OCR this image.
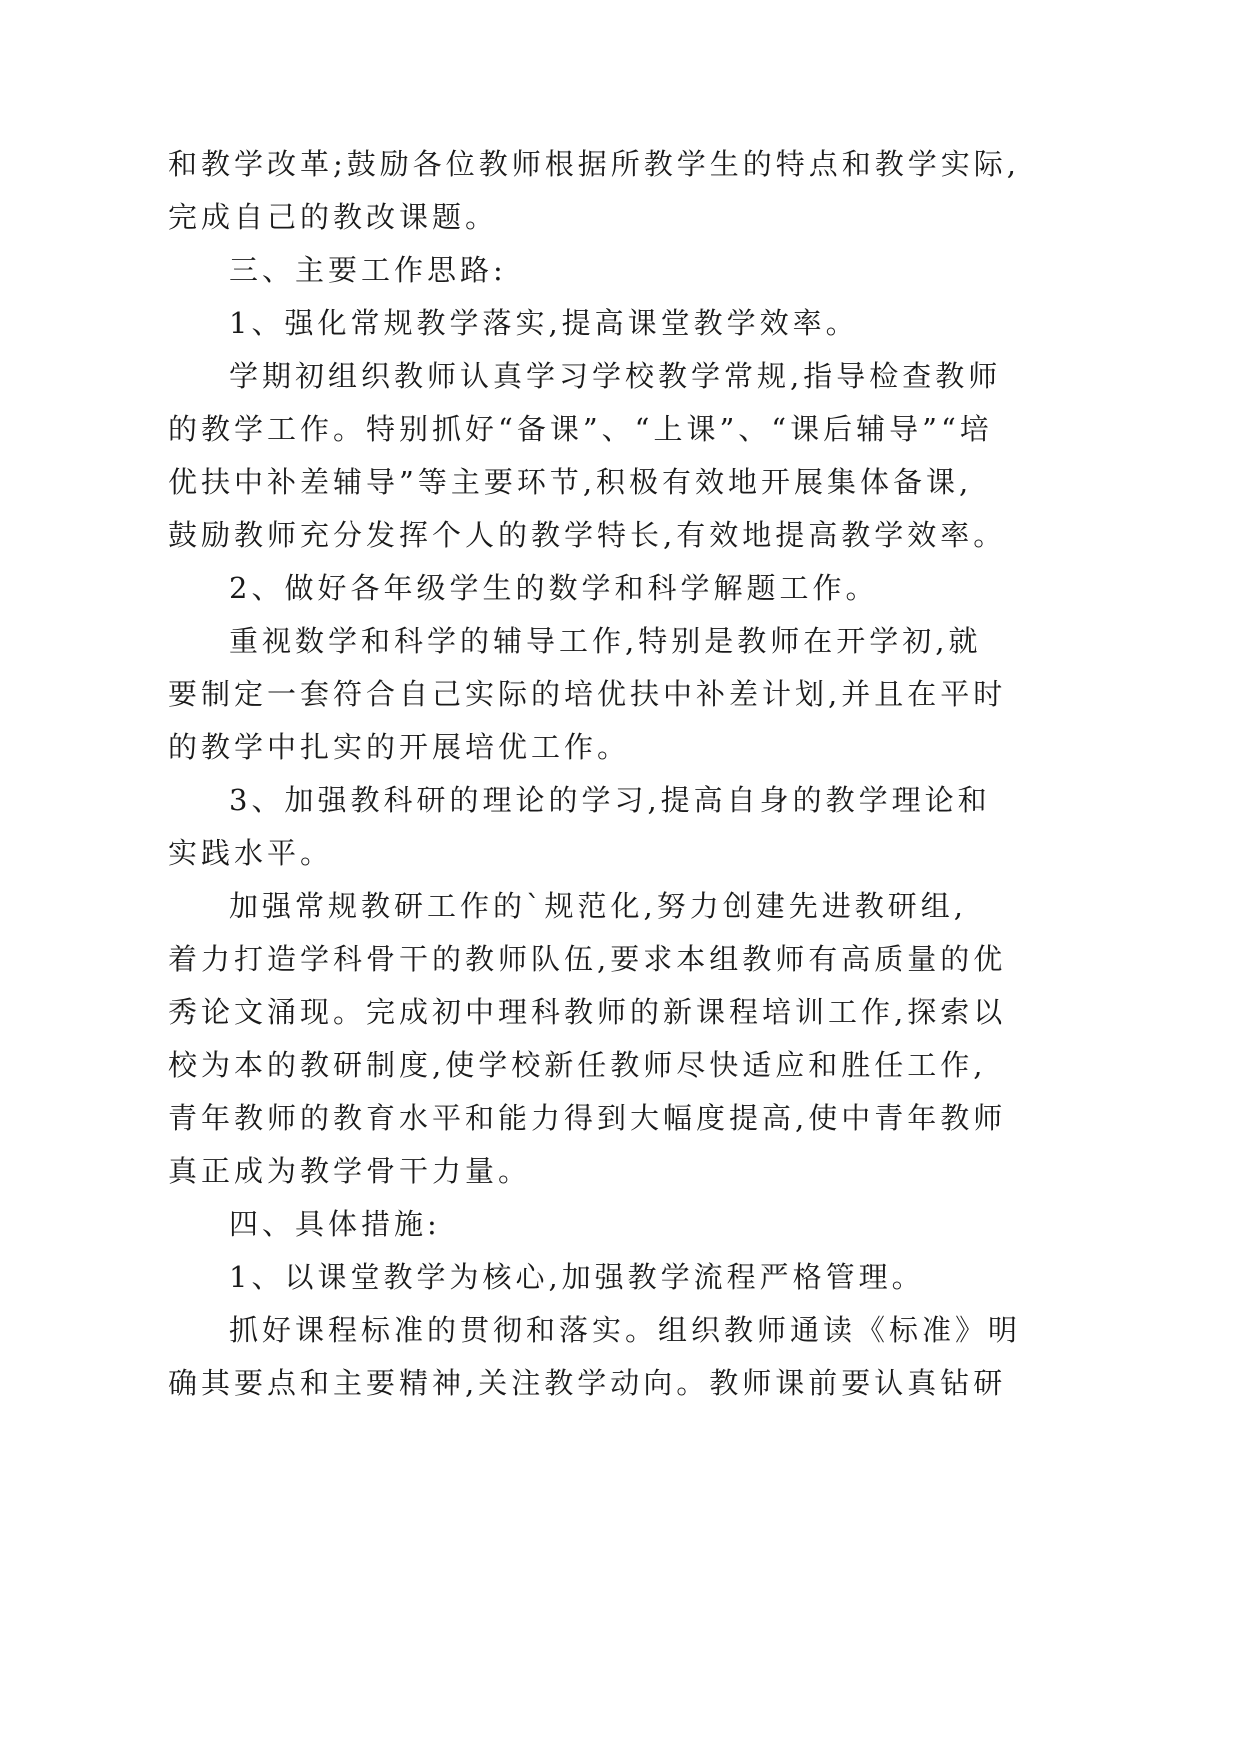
和教学改革;鼓励各位教师根据所教学生的特点和教学实际,
完成自己的教改课题。
三、主要工作思路:
1、强化常规教学落实,提高课堂教学效率。
学期初组织教师认真学习学校教学常规,指导检查教师
的教学工作。特别抓好“备课”、“上课”、“课后辅导”“培
优扶中补差辅导”等主要环节,积极有效地开展集体备课,
鼓励教师充分发挥个人的教学特长,有效地提高教学效率。
2、做好各年级学生的数学和科学解题工作。
重视数学和科学的辅导工作,特别是教师在开学初,就
要制定一套符合自己实际的培优扶中补差计划,并且在平时
的教学中扎实的开展培优工作。
3、加强教科研的理论的学习,提高自身的教学理论和
实践水平。
加强常规教研工作的`规范化,努力创建先进教研组,
着力打造学科骨干的教师队伍,要求本组教师有高质量的优
秀论文涌现。完成初中理科教师的新课程培训工作,探索以
校为本的教研制度,使学校新任教师尽快适应和胜任工作,
青年教师的教育水平和能力得到大幅度提高,使中青年教师
真正成为教学骨干力量。
四、具体措施:
1、以课堂教学为核心,加强教学流程严格管理。
抓好课程标准的贯彻和落实。组织教师通读《标准》明
确其要点和主要精神,关注教学动向。教师课前要认真钻研
